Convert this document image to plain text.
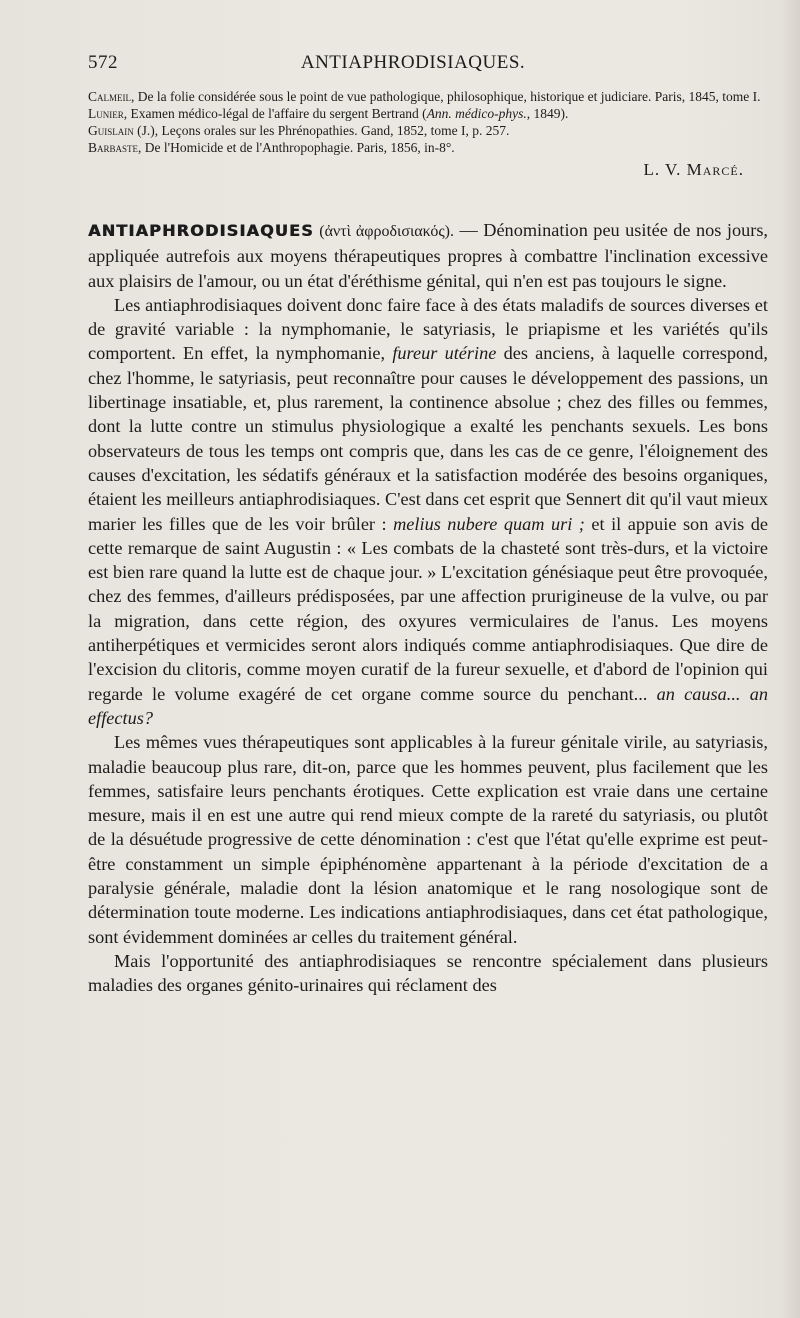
572	ANTIAPHRODISIAQUES.

Calmeil, De la folie considérée sous le point de vue pathologique, philosophique, historique et judiciare. Paris, 1845, tome I.

Lunier, Examen médico-légal de l'affaire du sergent Bertrand (Ann. médico-phys., 1849).

Guislain (J.), Leçons orales sur les Phrénopathies. Gand, 1852, tome I, p. 257.

Barbaste, De l'Homicide et de l'Anthropophagie. Paris, 1856, in-8°.

L. V. Marcé.

ANTIAPHRODISIAQUES (ἀντὶ ἀφροδισιακός). — Dénomination peu usitée de nos jours, appliquée autrefois aux moyens thérapeutiques propres à combattre l'inclination excessive aux plaisirs de l'amour, ou un état d'éréthisme génital, qui n'en est pas toujours le signe.

Les antiaphrodisiaques doivent donc faire face à des états maladifs de sources diverses et de gravité variable : la nymphomanie, le satyriasis, le priapisme et les variétés qu'ils comportent. En effet, la nymphomanie, fureur utérine des anciens, à laquelle correspond, chez l'homme, le satyriasis, peut reconnaître pour causes le développement des passions, un libertinage insatiable, et, plus rarement, la continence absolue ; chez des filles ou femmes, dont la lutte contre un stimulus physiologique a exalté les penchants sexuels. Les bons observateurs de tous les temps ont compris que, dans les cas de ce genre, l'éloignement des causes d'excitation, les sédatifs généraux et la satisfaction modérée des besoins organiques, étaient les meilleurs antiaphrodisiaques. C'est dans cet esprit que Sennert dit qu'il vaut mieux marier les filles que de les voir brûler : melius nubere quam uri ; et il appuie son avis de cette remarque de saint Augustin : « Les combats de la chasteté sont très-durs, et la victoire est bien rare quand la lutte est de chaque jour. » L'excitation génésiaque peut être provoquée, chez des femmes, d'ailleurs prédisposées, par une affection prurigineuse de la vulve, ou par la migration, dans cette région, des oxyures vermiculaires de l'anus. Les moyens antiherpétiques et vermicides seront alors indiqués comme antiaphrodisiaques. Que dire de l'excision du clitoris, comme moyen curatif de la fureur sexuelle, et d'abord de l'opinion qui regarde le volume exagéré de cet organe comme source du penchant... an causa... an effectus?

Les mêmes vues thérapeutiques sont applicables à la fureur génitale virile, au satyriasis, maladie beaucoup plus rare, dit-on, parce que les hommes peuvent, plus facilement que les femmes, satisfaire leurs penchants érotiques. Cette explication est vraie dans une certaine mesure, mais il en est une autre qui rend mieux compte de la rareté du satyriasis, ou plutôt de la désuétude progressive de cette dénomination : c'est que l'état qu'elle exprime est peut-être constamment un simple épiphénomène appartenant à la période d'excitation de a paralysie générale, maladie dont la lésion anatomique et le rang nosologique sont de détermination toute moderne. Les indications antiaphrodisiaques, dans cet état pathologique, sont évidemment dominées ar celles du traitement général.

Mais l'opportunité des antiaphrodisiaques se rencontre spécialement dans plusieurs maladies des organes génito-urinaires qui réclament des
